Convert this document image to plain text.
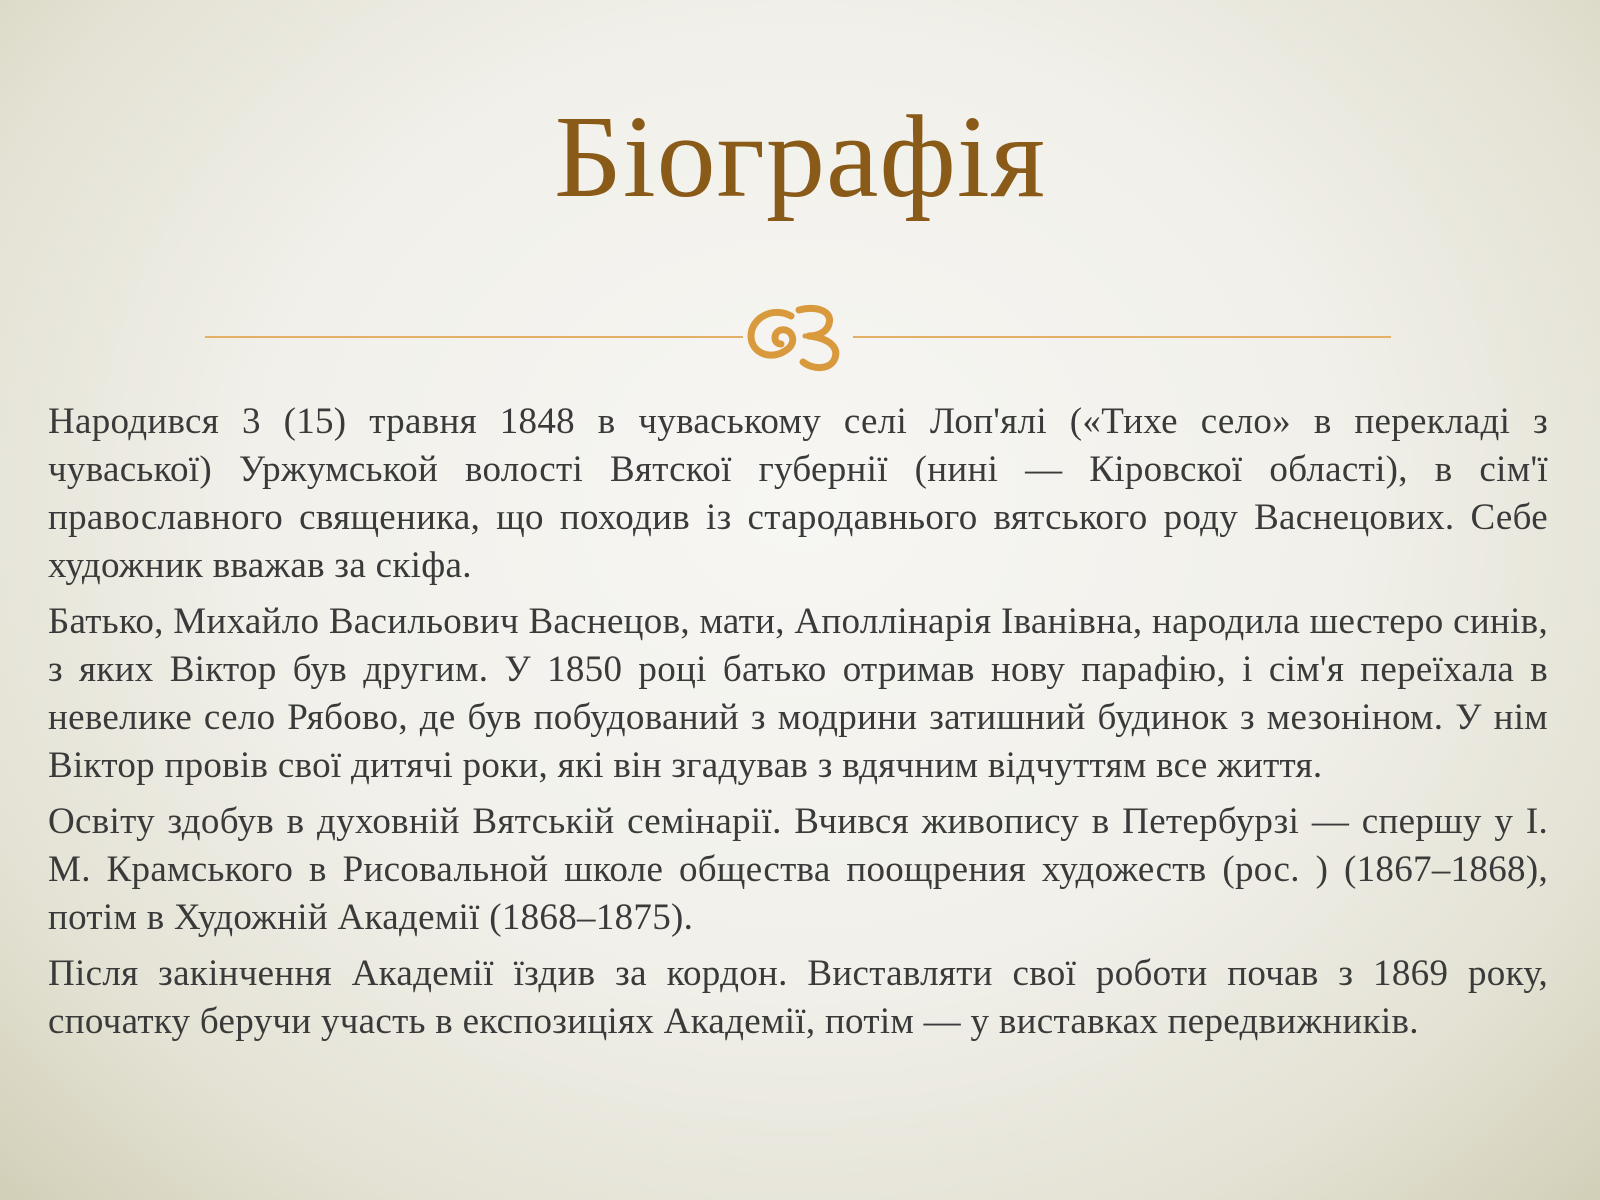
Біографія

Народився 3 (15) травня 1848 в чуваському селі Лоп'ялі («Тихе село» в перекладі з чуваської) Уржумськой волості Вятскої губернії (нині — Кіровскої області), в сім'ї православного священика, що походив із стародавнього вятського роду Васнецових. Себе художник вважав за скіфа.

Батько, Михайло Васильович Васнецов, мати, Аполлінарія Іванівна, народила шестеро синів, з яких Віктор був другим. У 1850 році батько отримав нову парафію, і сім'я переїхала в невелике село Рябово, де був побудований з модрини затишний будинок з мезоніном. У нім Віктор провів свої дитячі роки, які він згадував з вдячним відчуттям все життя.

Освіту здобув в духовній Вятській семінарії. Вчився живопису в Петербурзі — спершу у І. М. Крамського в Рисовальной школе общества поощрения художеств (рос. ) (1867–1868), потім в Художній Академії (1868–1875).

Після закінчення Академії їздив за кордон. Виставляти свої роботи почав з 1869 року, спочатку беручи участь в експозиціях Академії, потім — у виставках передвижників.
